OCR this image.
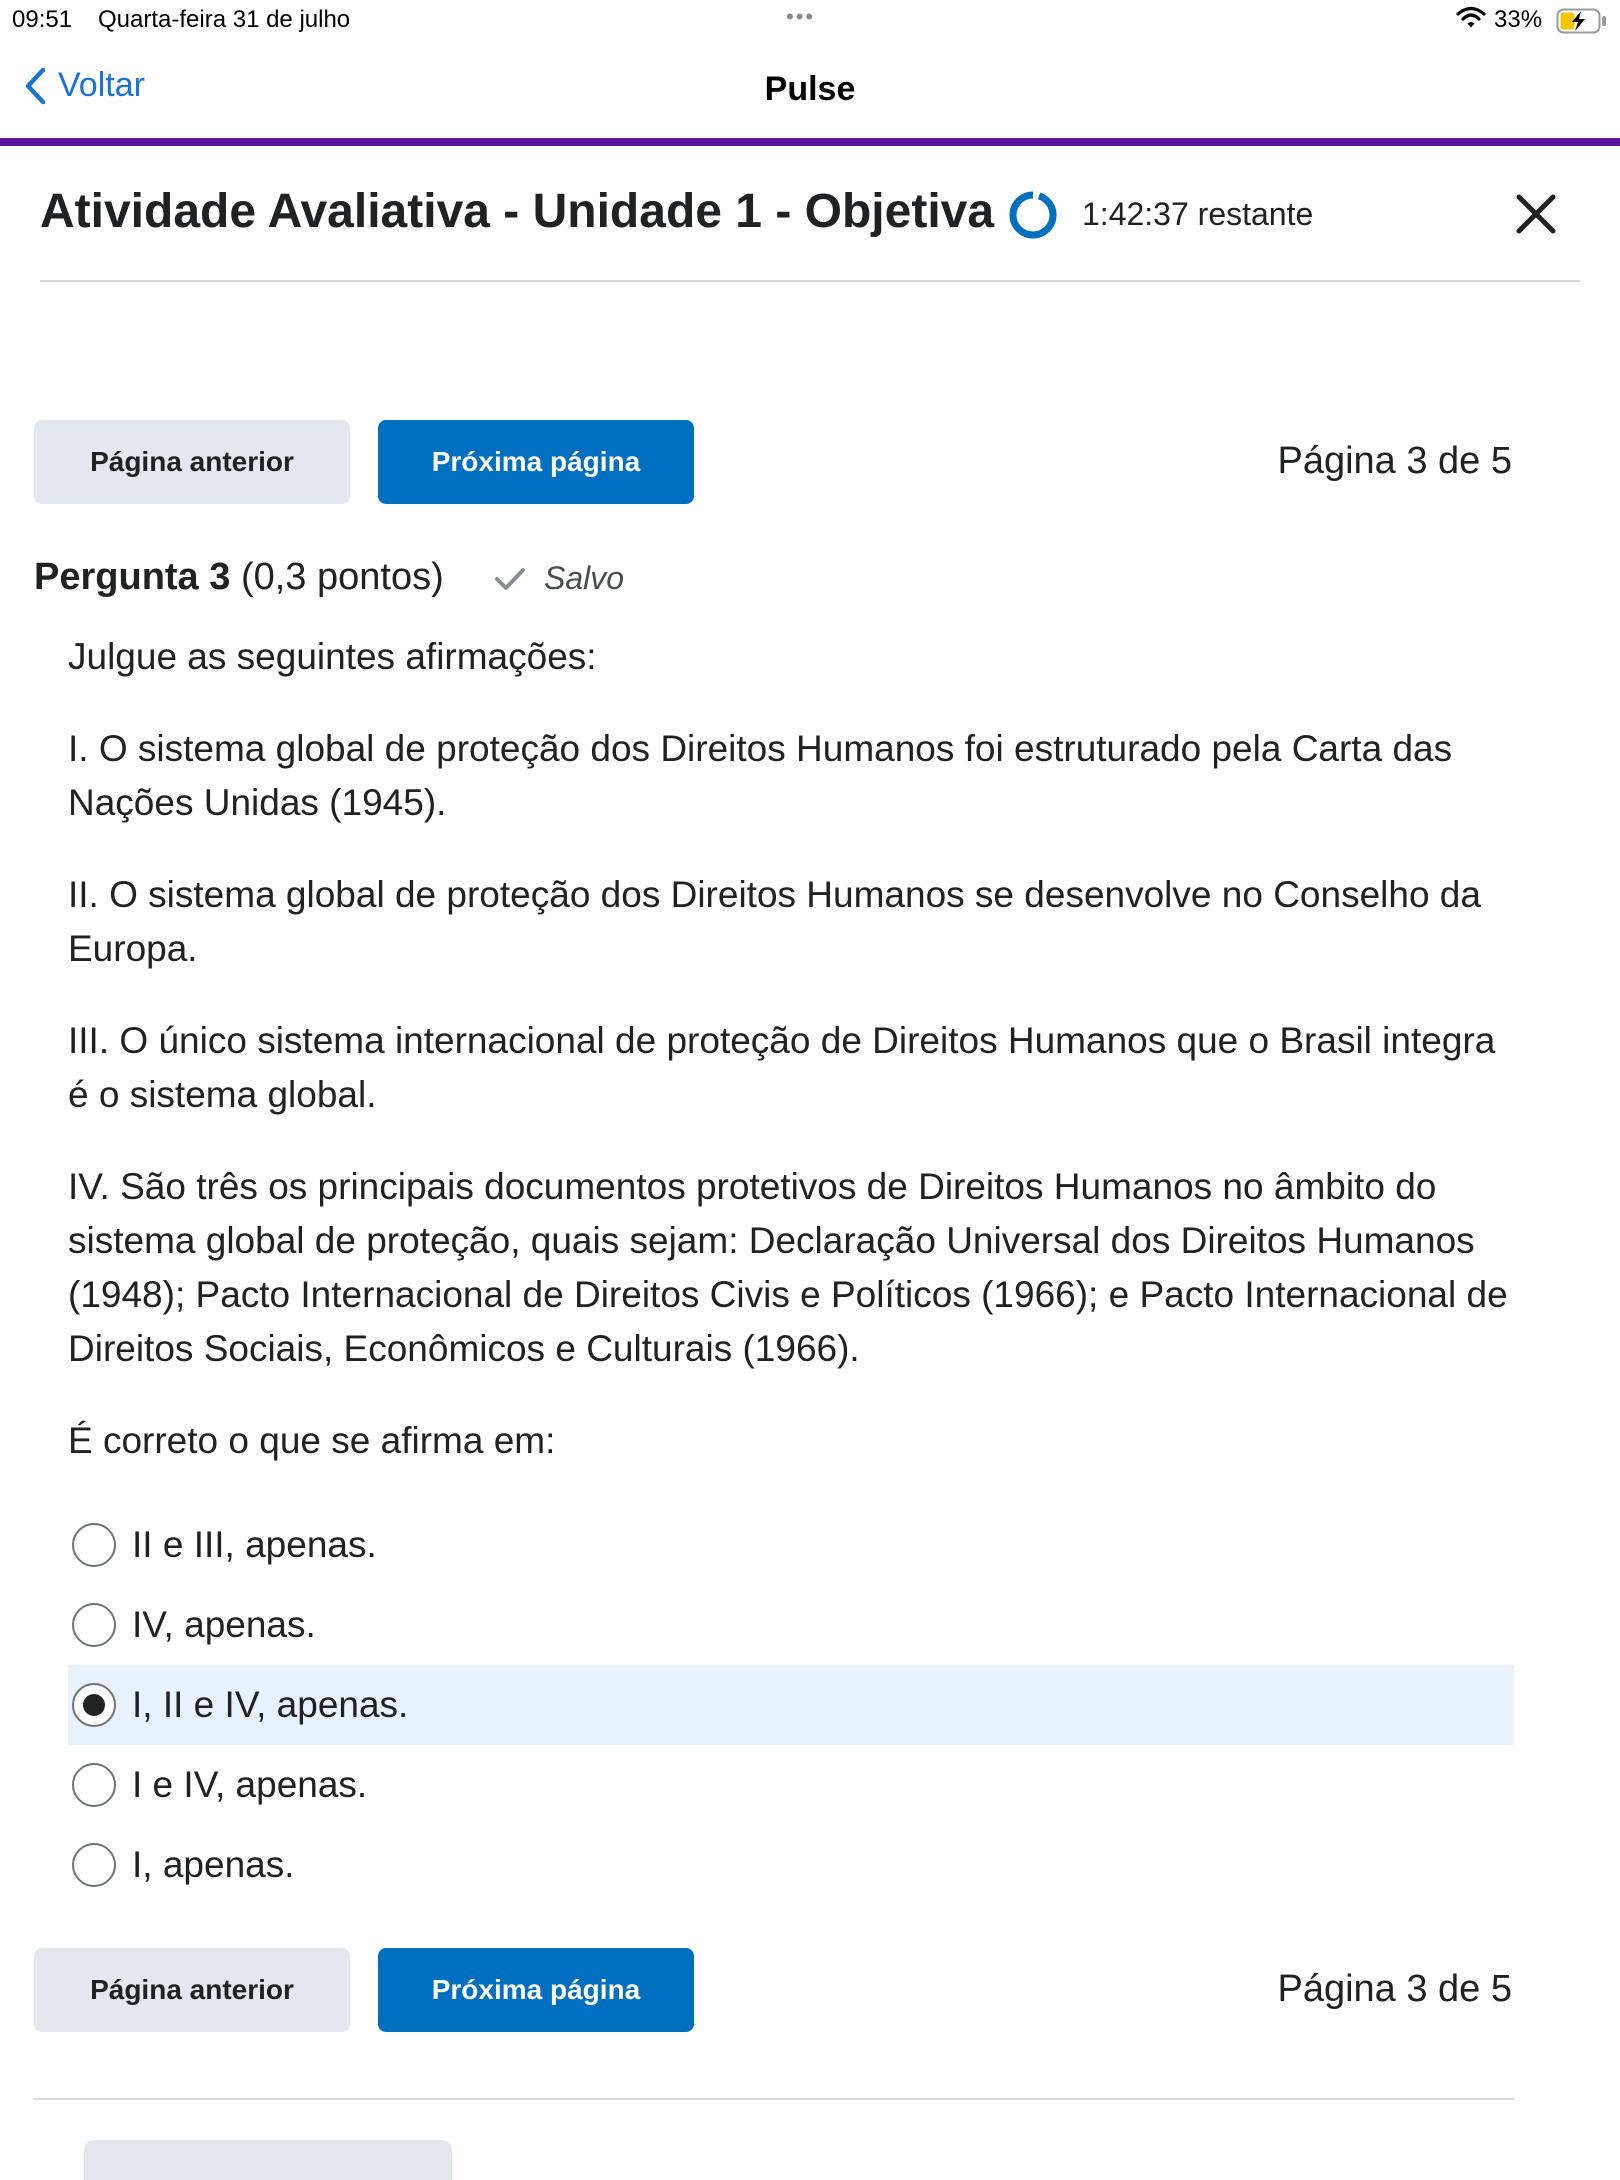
09:51 Quarta-feira 31 de julho	•••	33%
Voltar	Pulse
Atividade Avaliativa - Unidade 1 - Objetiva	1:42:37 restante
Página anterior	Próxima página	Página 3 de 5
Pergunta 3 (0,3 pontos)	Salvo

Julgue as seguintes afirmações:

I. O sistema global de proteção dos Direitos Humanos foi estruturado pela Carta das Nações Unidas (1945).

II. O sistema global de proteção dos Direitos Humanos se desenvolve no Conselho da Europa.

III. O único sistema internacional de proteção de Direitos Humanos que o Brasil integra é o sistema global.

IV. São três os principais documentos protetivos de Direitos Humanos no âmbito do sistema global de proteção, quais sejam: Declaração Universal dos Direitos Humanos (1948); Pacto Internacional de Direitos Civis e Políticos (1966); e Pacto Internacional de Direitos Sociais, Econômicos e Culturais (1966).

É correto o que se afirma em:

II e III, apenas.
IV, apenas.
I, II e IV, apenas.
I e IV, apenas.
I, apenas.
Página anterior	Próxima página	Página 3 de 5
